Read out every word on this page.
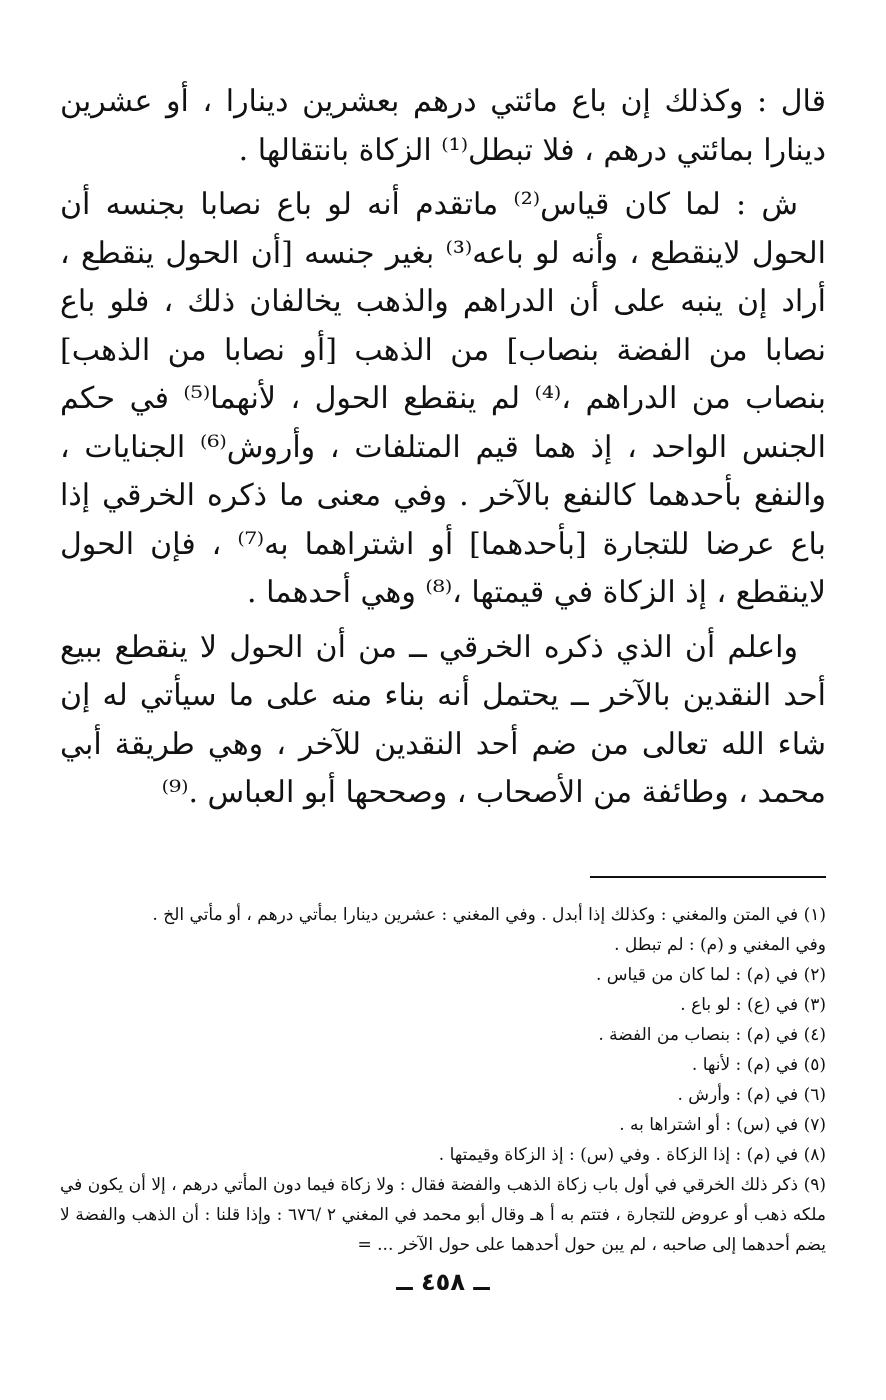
قال : وكذلك إن باع مائتي درهم بعشرين دينارا ، أو عشرين دينارا بمائتي درهم ، فلا تبطل⁽¹⁾ الزكاة بانتقالها .

ش : لما كان قياس⁽²⁾ ماتقدم أنه لو باع نصابا بجنسه أن الحول لاينقطع ، وأنه لو باعه⁽³⁾ بغير جنسه [أن الحول ينقطع ، أراد إن ينبه على أن الدراهم والذهب يخالفان ذلك ، فلو باع نصابا من الفضة بنصاب] من الذهب [أو نصابا من الذهب] بنصاب من الدراهم ،⁽⁴⁾ لم ينقطع الحول ، لأنهما⁽⁵⁾ في حكم الجنس الواحد ، إذ هما قيم المتلفات ، وأروش⁽⁶⁾ الجنايات ، والنفع بأحدهما كالنفع بالآخر . وفي معنى ما ذكره الخرقي إذا باع عرضا للتجارة [بأحدهما] أو اشتراهما به⁽⁷⁾ ، فإن الحول لاينقطع ، إذ الزكاة في قيمتها ،⁽⁸⁾ وهي أحدهما .

واعلم أن الذي ذكره الخرقي ــ من أن الحول لا ينقطع ببيع أحد النقدين بالآخر ــ يحتمل أنه بناء منه على ما سيأتي له إن شاء الله تعالى من ضم أحد النقدين للآخر ، وهي طريقة أبي محمد ، وطائفة من الأصحاب ، وصححها أبو العباس .⁽⁹⁾

(١) في المتن والمغني : وكذلك إذا أبدل . وفي المغني : عشرين دينارا بمأتي درهم ، أو مأتي الخ .

وفي المغني و (م) : لم تبطل .

(٢) في (م) : لما كان من قياس .

(٣) في (ع) : لو باع .

(٤) في (م) : بنصاب من الفضة .

(٥) في (م) : لأنها .

(٦) في (م) : وأرش .

(٧) في (س) : أو اشتراها به .

(٨) في (م) : إذا الزكاة . وفي (س) : إذ الزكاة وقيمتها .

(٩) ذكر ذلك الخرقي في أول باب زكاة الذهب والفضة فقال : ولا زكاة فيما دون المأتي درهم ، إلا أن يكون في ملكه ذهب أو عروض للتجارة ، فتتم به أ هـ وقال أبو محمد في المغني ٢ /٦٧٦ : وإذا قلنا : أن الذهب والفضة لا يضم أحدهما إلى صاحبه ، لم يبن حول أحدهما على حول الآخر ... =

ــ ٤٥٨ ــ
